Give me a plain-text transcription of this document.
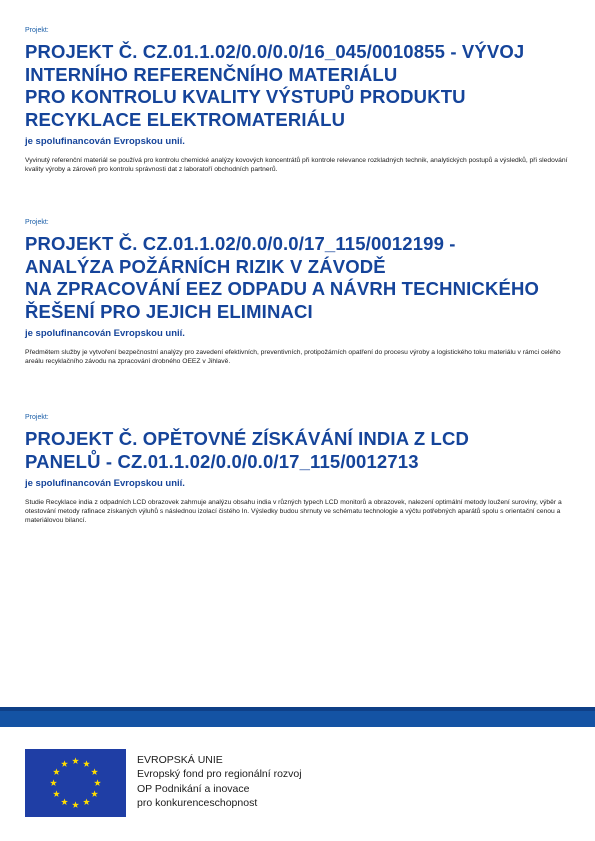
Projekt:

PROJEKT Č. CZ.01.1.02/0.0/0.0/16_045/0010855 - VÝVOJ
INTERNÍHO REFERENČNÍHO MATERIÁLU
PRO KONTROLU KVALITY VÝSTUPŮ PRODUKTU
RECYKLACE ELEKTROMATERIÁLU

je spolufinancován Evropskou unií.

Vyvinutý referenční materiál se používá pro kontrolu chemické analýzy kovových koncentrátů při kontrole relevance rozkladných technik, analytických postupů a výsledků, při sledování kvality výroby a zároveň pro kontrolu správnosti dat z laboratoří obchodních partnerů.

Projekt:

PROJEKT Č. CZ.01.1.02/0.0/0.0/17_115/0012199 -
ANALÝZA POŽÁRNÍCH RIZIK V ZÁVODĚ
NA ZPRACOVÁNÍ EEZ ODPADU A NÁVRH TECHNICKÉHO
ŘEŠENÍ PRO JEJICH ELIMINACI

je spolufinancován Evropskou unií.

Předmětem služby je vytvoření bezpečnostní analýzy pro zavedení efektivních, preventivních, protipožárních opatření do procesu výroby a logistického toku materiálu v rámci celého areálu recyklačního závodu na zpracování drobného OEEZ v Jihlavě.

Projekt:

PROJEKT Č. OPĚTOVNÉ ZÍSKÁVÁNÍ INDIA Z LCD
PANELŮ - CZ.01.1.02/0.0/0.0/17_115/0012713

je spolufinancován Evropskou unií.

Studie Recyklace india z odpadních LCD obrazovek zahrnuje analýzu obsahu india v různých typech LCD monitorů a obrazovek, nalezení optimální metody loužení suroviny, výběr a otestování metody rafinace získaných výluhů s následnou izolací čistého In. Výsledky budou shrnuty ve schématu technologie a výčtu potřebných aparátů spolu s orientační cenou a materiálovou bilancí.

EVROPSKÁ UNIE
Evropský fond pro regionální rozvoj
OP Podnikání a inovace
pro konkurenceschopnost
